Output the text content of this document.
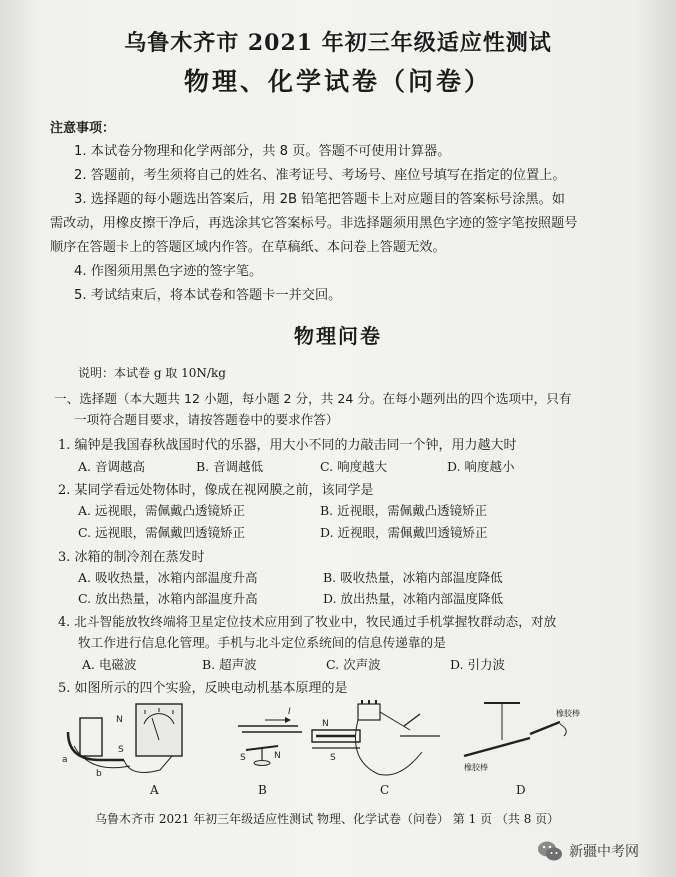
乌鲁木齐市 2021 年初三年级适应性测试
物理、化学试卷（问卷）
注意事项：
1. 本试卷分物理和化学两部分，共 8 页。答题不可使用计算器。
2. 答题前，考生须将自己的姓名、准考证号、考场号、座位号填写在指定的位置上。
3. 选择题的每小题选出答案后，用 2B 铅笔把答题卡上对应题目的答案标号涂黑。如
需改动，用橡皮擦干净后，再选涂其它答案标号。非选择题须用黑色字迹的签字笔按照题号
顺序在答题卡上的答题区域内作答。在草稿纸、本问卷上答题无效。
4. 作图须用黑色字迹的签字笔。
5. 考试结束后，将本试卷和答题卡一并交回。
物理问卷
说明：本试卷 g 取 10N/kg
一、选择题（本大题共 12 小题，每小题 2 分，共 24 分。在每小题列出的四个选项中，只有
一项符合题目要求，请按答题卷中的要求作答）
1. 编钟是我国春秋战国时代的乐器，用大小不同的力敲击同一个钟，用力越大时
A. 音调越高	B. 音调越低	C. 响度越大	D. 响度越小
2. 某同学看远处物体时，像成在视网膜之前，该同学是
A. 远视眼，需佩戴凸透镜矫正	B. 近视眼，需佩戴凸透镜矫正
C. 远视眼，需佩戴凹透镜矫正	D. 近视眼，需佩戴凹透镜矫正
3. 冰箱的制冷剂在蒸发时
A. 吸收热量，冰箱内部温度升高	B. 吸收热量，冰箱内部温度降低
C. 放出热量，冰箱内部温度升高	D. 放出热量，冰箱内部温度降低
4. 北斗智能放牧终端将卫星定位技术应用到了牧业中，牧民通过手机掌握牧群动态，对放
牧工作进行信息化管理。手机与北斗定位系统间的信息传递靠的是
A. 电磁波	B. 超声波	C. 次声波	D. 引力波
5. 如图所示的四个实验，反映电动机基本原理的是
N
S
a
b
I
S	N
N
S
橡胶棒
橡胶棒
A	B	C	D
乌鲁木齐市 2021 年初三年级适应性测试 物理、化学试卷（问卷） 第 1 页 （共 8 页）
新疆中考网
